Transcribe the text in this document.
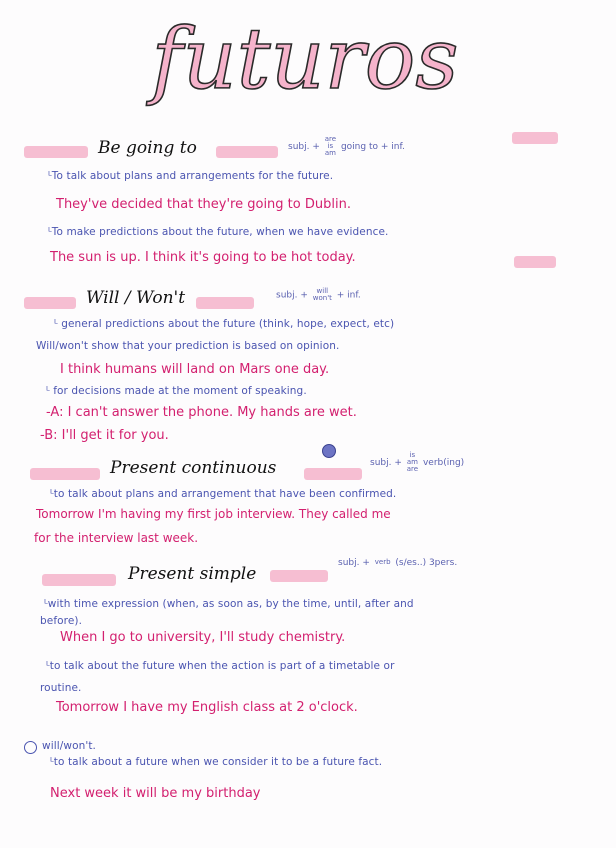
futuros
Be going to	subj. + are
is
am going to + inf.
ᴸTo talk about plans and arrangements for the future.
They've decided that they're going to Dublin.
ᴸTo make predictions about the future, when we have evidence.
The sun is up. I think it's going to be hot today.
Will / Won't	subj. + will
won't + inf.
ᴸ general predictions about the future (think, hope, expect, etc)
Will/won't show that your prediction is based on opinion.
I think humans will land on Mars one day.
ᴸ for decisions made at the moment of speaking.
-A: I can't answer the phone. My hands are wet.
-B: I'll get it for you.
Present continuous	subj. + is
am
are verb(ing)
ᴸto talk about plans and arrangement that have been confirmed.
Tomorrow I'm having my first job interview. They called me
for the interview last week.
Present simple
subj. + verb (s/es..) 3pers.
ᴸwith time expression (when, as soon as, by the time, until, after and
before).
When I go to university, I'll study chemistry.
ᴸto talk about the future when the action is part of a timetable or
routine.
Tomorrow I have my English class at 2 o'clock.
will/won't.
ᴸto talk about a future when we consider it to be a future fact.
Next week it will be my birthday
